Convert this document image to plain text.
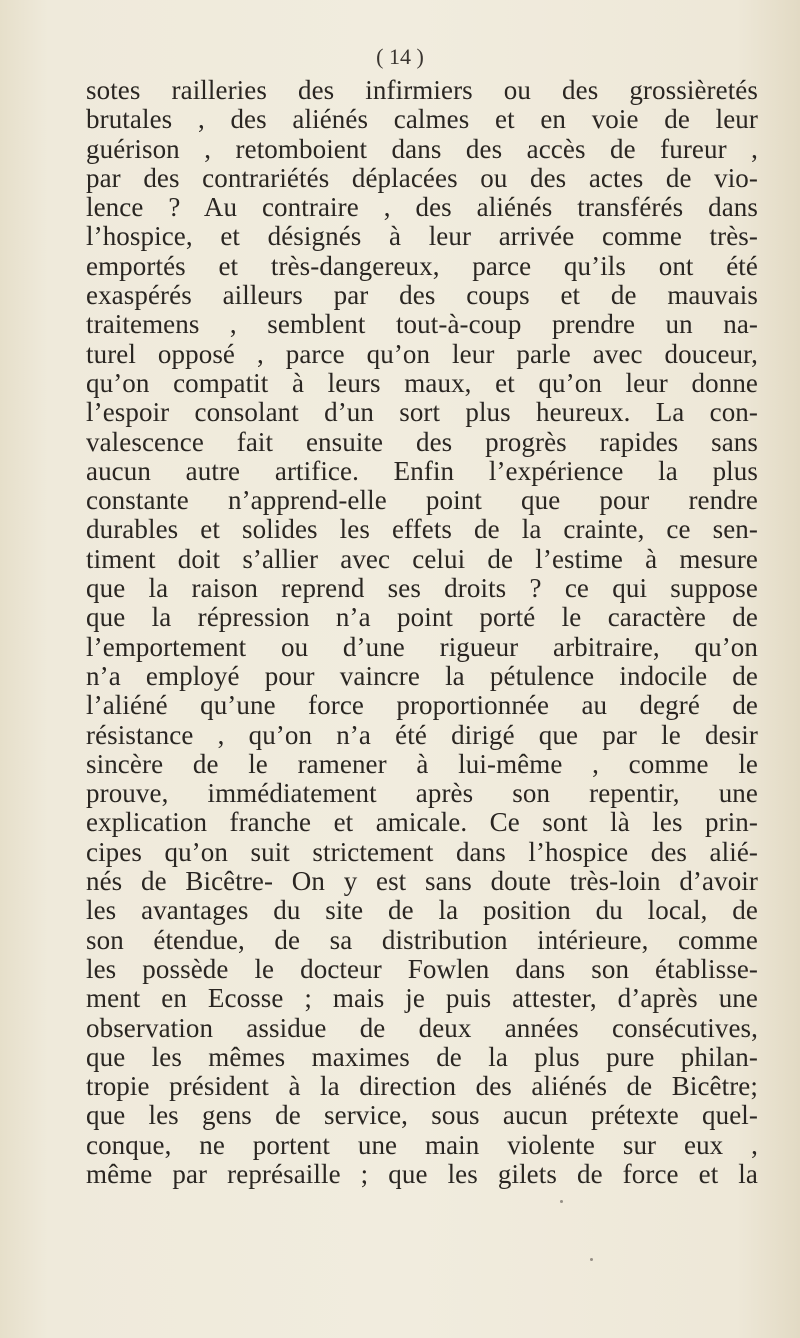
( 14 )
sotes railleries des infirmiers ou des grossièretés
brutales , des aliénés calmes et en voie de leur
guérison , retomboient dans des accès de fureur ,
par des contrariétés déplacées ou des actes de vio-
lence ? Au contraire , des aliénés transférés dans
l’hospice, et désignés à leur arrivée comme très-
emportés et très-dangereux, parce qu’ils ont été
exaspérés ailleurs par des coups et de mauvais
traitemens , semblent tout-à-coup prendre un na-
turel opposé , parce qu’on leur parle avec douceur,
qu’on compatit à leurs maux, et qu’on leur donne
l’espoir consolant d’un sort plus heureux. La con-
valescence fait ensuite des progrès rapides sans
aucun autre artifice. Enfin l’expérience la plus
constante n’apprend-elle point que pour rendre
durables et solides les effets de la crainte, ce sen-
timent doit s’allier avec celui de l’estime à mesure
que la raison reprend ses droits ? ce qui suppose
que la répression n’a point porté le caractère de
l’emportement ou d’une rigueur arbitraire, qu’on
n’a employé pour vaincre la pétulence indocile de
l’aliéné qu’une force proportionnée au degré de
résistance , qu’on n’a été dirigé que par le desir
sincère de le ramener à lui-même , comme le
prouve, immédiatement après son repentir, une
explication franche et amicale. Ce sont là les prin-
cipes qu’on suit strictement dans l’hospice des alié-
nés de Bicêtre- On y est sans doute très-loin d’avoir
les avantages du site de la position du local, de
son étendue, de sa distribution intérieure, comme
les possède le docteur Fowlen dans son établisse-
ment en Ecosse ; mais je puis attester, d’après une
observation assidue de deux années consécutives,
que les mêmes maximes de la plus pure philan-
tropie président à la direction des aliénés de Bicêtre;
que les gens de service, sous aucun prétexte quel-
conque, ne portent une main violente sur eux ,
même par représaille ; que les gilets de force et la
